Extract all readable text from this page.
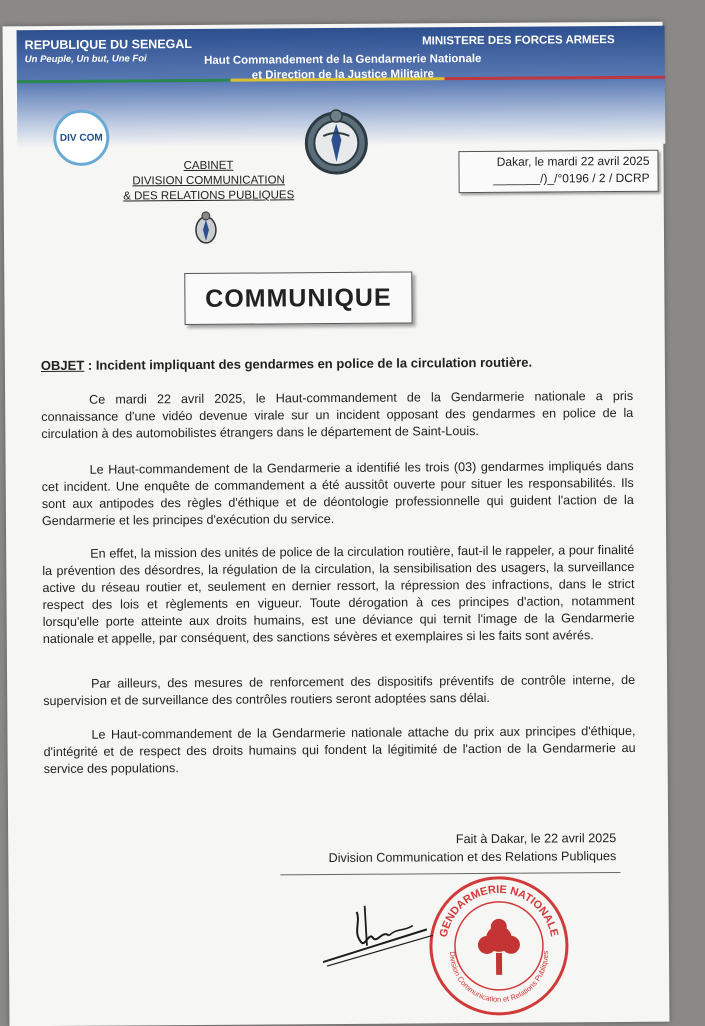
REPUBLIQUE DU SENEGAL
Un Peuple, Un but, Une Foi
MINISTERE DES FORCES ARMEES
Haut Commandement de la Gendarmerie Nationale
et Direction de la Justice Militaire
DIV COM
CABINET
DIVISION COMMUNICATION
& DES RELATIONS PUBLIQUES
Dakar, le mardi 22 avril 2025
_______/)_/°0196 / 2 / DCRP
COMMUNIQUE
OBJET : Incident impliquant des gendarmes en police de la circulation routière.

Ce mardi 22 avril 2025, le Haut-commandement de la Gendarmerie nationale a pris connaissance d'une vidéo devenue virale sur un incident opposant des gendarmes en police de la circulation à des automobilistes étrangers dans le département de Saint-Louis.

Le Haut-commandement de la Gendarmerie a identifié les trois (03) gendarmes impliqués dans cet incident. Une enquête de commandement a été aussitôt ouverte pour situer les responsabilités. Ils sont aux antipodes des règles d'éthique et de déontologie professionnelle qui guident l'action de la Gendarmerie et les principes d'exécution du service.

En effet, la mission des unités de police de la circulation routière, faut-il le rappeler, a pour finalité la prévention des désordres, la régulation de la circulation, la sensibilisation des usagers, la surveillance active du réseau routier et, seulement en dernier ressort, la répression des infractions, dans le strict respect des lois et règlements en vigueur. Toute dérogation à ces principes d'action, notamment lorsqu'elle porte atteinte aux droits humains, est une déviance qui ternit l'image de la Gendarmerie nationale et appelle, par conséquent, des sanctions sévères et exemplaires si les faits sont avérés.

Par ailleurs, des mesures de renforcement des dispositifs préventifs de contrôle interne, de supervision et de surveillance des contrôles routiers seront adoptées sans délai.

Le Haut-commandement de la Gendarmerie nationale attache du prix aux principes d'éthique, d'intégrité et de respect des droits humains qui fondent la légitimité de l'action de la Gendarmerie au service des populations.

Fait à Dakar, le 22 avril 2025
Division Communication et des Relations Publiques
GENDARMERIE NATIONALE
Division Communication et Relations Publiques
